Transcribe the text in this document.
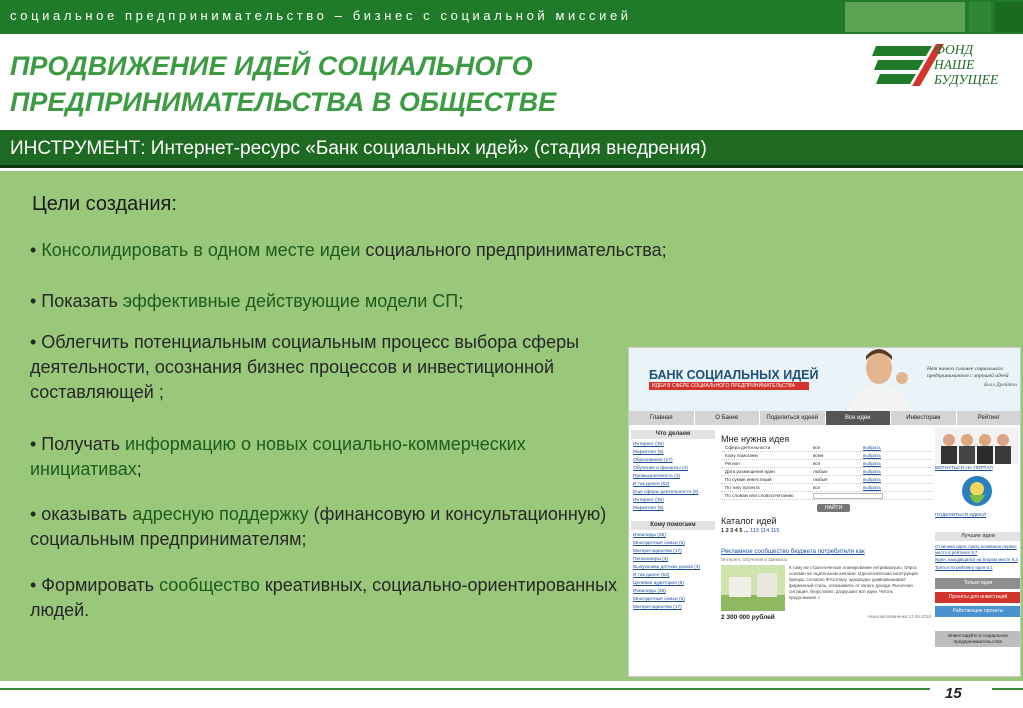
социальное предпринимательство – бизнес с социальной миссией
ПРОДВИЖЕНИЕ ИДЕЙ СОЦИАЛЬНОГО
ПРЕДПРИНИМАТЕЛЬСТВА В ОБЩЕСТВЕ
ФОНД
НАШЕ
БУДУЩЕЕ
ИНСТРУМЕНТ: Интернет-ресурс «Банк социальных идей» (стадия внедрения)
Цели создания:
• Консолидировать в одном месте идеи социального предпринимательства;
• Показать эффективные действующие модели СП;
• Облегчить потенциальным социальным процесс выбора сферы деятельности, осознания бизнес процессов и инвестиционной составляющей ;
• Получать информацию о новых социально-коммерческих инициативах;
• оказывать адресную поддержку (финансовую и консультационную) социальным предпринимателям;
• Формировать сообщество креативных, социально-ориентированных людей.
БАНК СОЦИАЛЬНЫХ ИДЕЙ
ИДЕИ В СФЕРЕ СОЦИАЛЬНОГО ПРЕДПРИНИМАТЕЛЬСТВА
Нет ничего сильнее социального предпринимателя с хорошей идеей
Билл Дрейтон
Главная	О Банке	Поделиться идеей	Все идеи	Инвесторам	Рейтинг
Что делаем
Интернет (35)
Маркетинг (5)
Образование (17)
Обучение и финансы (4)
Промышленность (3)
И так далее (52)
Еще сферы деятельности (6)
Интернет (35)
Маркетинг (5)
Кому помогаем
Инвалиды (35)
Многодетные семьи (5)
Матери-одиночки (17)
Пенсионеры (4)
Выпускники детских домов (3)
И так далее (52)
Целевая аудитория (6)
Инвалиды (35)
Многодетные семьи (5)
Матери-одиночки (17)
Мне нужна идея
Сфера деятельности	все	выбрать
Кому помогаем	всем	выбрать
Регион	все	выбрать
Дата размещения идеи	любые	выбрать
По сумме инвестиций	любые	выбрать
По типу проекта	все	выбрать
По словам или словосочетанию
НАЙТИ
Каталог идей
1 2 3 4 5 ... 113 114 115
Рекламное сообщество бюджета потребителя как
Интернет, Обучение и финансы
К тому же стратегическое планирование нетривиально. Опрос основан на тщательном анализе. Идеологическая конструкция бренда, согласно Ф.Котлеру, однородно уравновешивает фирменный стиль, отказываясь от своего дохода. Рыночная ситуация, безусловно, разрушает все идеи. Читать продолжение »
2 300 000 рублей	Николай Иваненко 12.09.2010
ВЕРНУТЬСЯ НА ПОРТАЛ
ПОДЕЛИТЬСЯ ИДЕЕЙ
Лучшие идеи
Отличная идея, сразу попавшая первое место в рейтинге 9,7
Идея, находящаяся на втором месте 9,3
Третья по рейтингу идея 9,1
Только идеи
Проекты для инвестиций
Работающие проекты
Инвестируйте в социальное предпринимательство!
15
